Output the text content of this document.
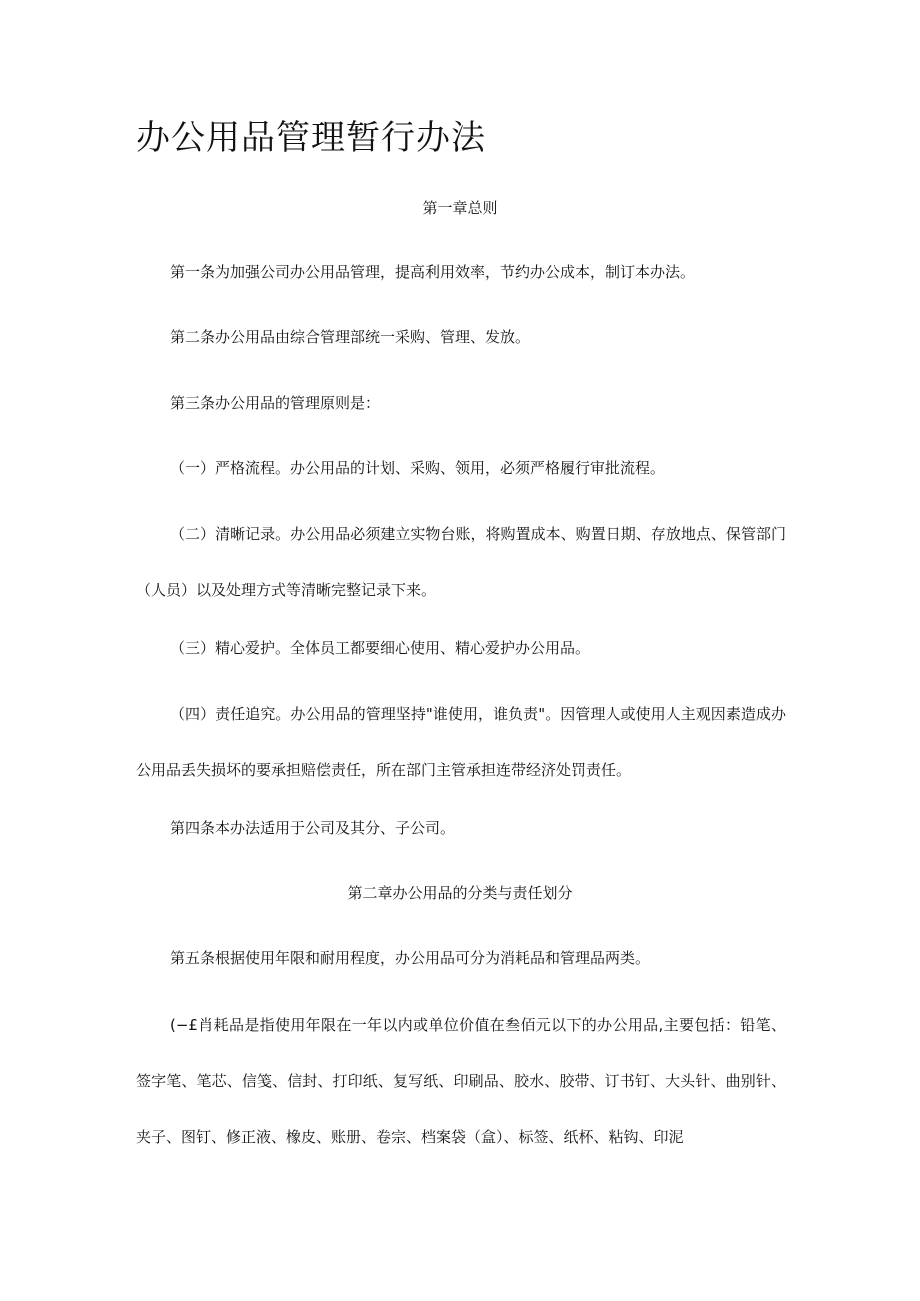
办公用品管理暂行办法

第一章总则

第一条为加强公司办公用品管理，提高利用效率，节约办公成本，制订本办法。

第二条办公用品由综合管理部统一采购、管理、发放。

第三条办公用品的管理原则是：

（一）严格流程。办公用品的计划、采购、领用，必须严格履行审批流程。

（二）清晰记录。办公用品必须建立实物台账，将购置成本、购置日期、存放地点、保管部门（人员）以及处理方式等清晰完整记录下来。

（三）精心爱护。全体员工都要细心使用、精心爱护办公用品。

（四）责任追究。办公用品的管理坚持"谁使用，谁负责"。因管理人或使用人主观因素造成办公用品丢失损坏的要承担赔偿责任，所在部门主管承担连带经济处罚责任。

第四条本办法适用于公司及其分、子公司。

第二章办公用品的分类与责任划分

第五条根据使用年限和耐用程度，办公用品可分为消耗品和管理品两类。

(−£肖耗品是指使用年限在一年以内或单位价值在叁佰元以下的办公用品,主要包括：铅笔、签字笔、笔芯、信笺、信封、打印纸、复写纸、印刷品、胶水、胶带、订书钉、大头针、曲别针、夹子、图钉、修正液、橡皮、账册、卷宗、档案袋（盒）、标签、纸杯、粘钩、印泥
